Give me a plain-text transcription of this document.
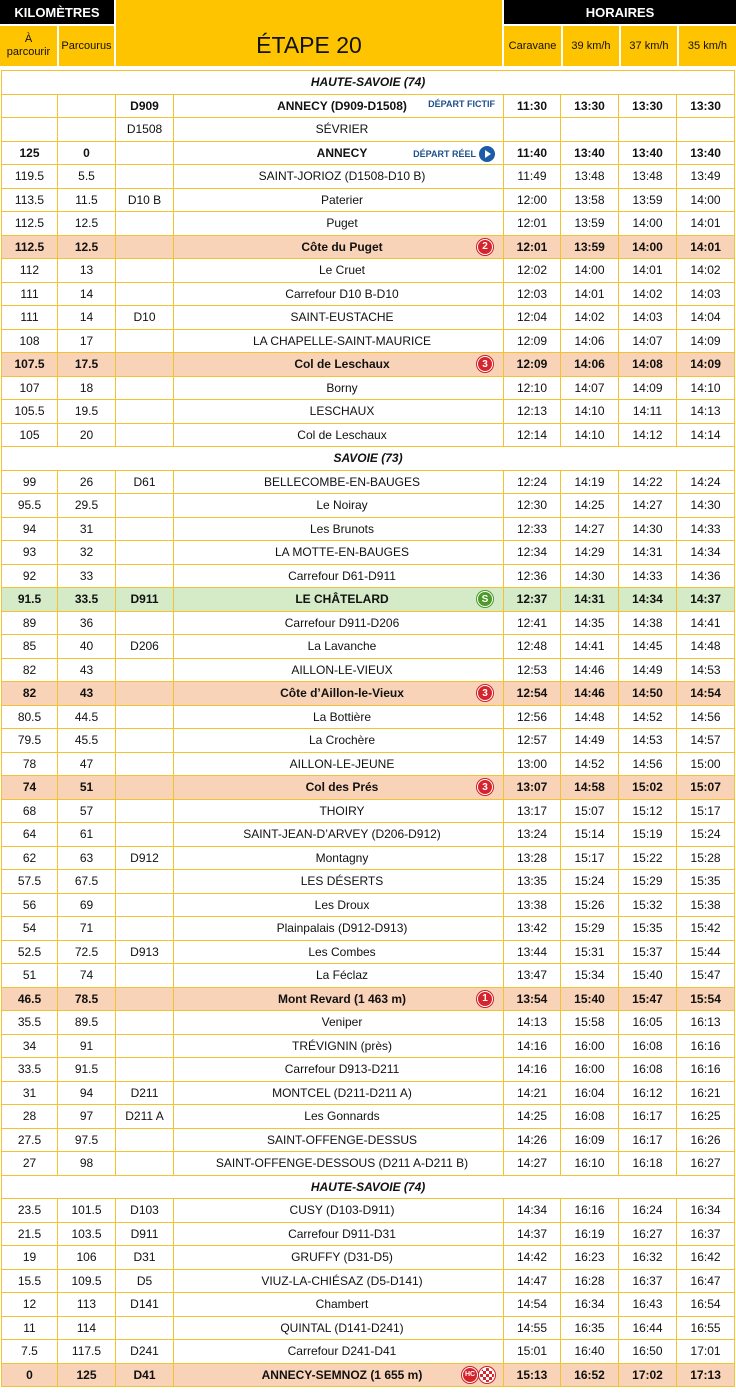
KILOMÈTRES
À parcourir	Parcourus	ÉTAPE 20
HORAIRES
Caravane	39 km/h	37 km/h	35 km/h
HAUTE-SAVOIE (74)							
		D909	ANNECY (D909-D1508) DÉPART FICTIF	11:30	13:30	13:30	13:30
		D1508	SÉVRIER				
125	0		ANNECY DÉPART RÉEL	11:40	13:40	13:40	13:40
119.5	5.5		SAINT-JORIOZ (D1508-D10 B)	11:49	13:48	13:48	13:49
113.5	11.5	D10 B	Paterier	12:00	13:58	13:59	14:00
112.5	12.5		Puget	12:01	13:59	14:00	14:01
112.5	12.5		Côte du Puget 2	12:01	13:59	14:00	14:01
112	13		Le Cruet	12:02	14:00	14:01	14:02
111	14		Carrefour D10 B-D10	12:03	14:01	14:02	14:03
111	14	D10	SAINT-EUSTACHE	12:04	14:02	14:03	14:04
108	17		LA CHAPELLE-SAINT-MAURICE	12:09	14:06	14:07	14:09
107.5	17.5		Col de Leschaux 3	12:09	14:06	14:08	14:09
107	18		Borny	12:10	14:07	14:09	14:10
105.5	19.5		LESCHAUX	12:13	14:10	14:11	14:13
105	20		Col de Leschaux	12:14	14:10	14:12	14:14
SAVOIE (73)							
99	26	D61	BELLECOMBE-EN-BAUGES	12:24	14:19	14:22	14:24
95.5	29.5		Le Noiray	12:30	14:25	14:27	14:30
94	31		Les Brunots	12:33	14:27	14:30	14:33
93	32		LA MOTTE-EN-BAUGES	12:34	14:29	14:31	14:34
92	33		Carrefour D61-D911	12:36	14:30	14:33	14:36
91.5	33.5	D911	LE CHÂTELARD S	12:37	14:31	14:34	14:37
89	36		Carrefour D911-D206	12:41	14:35	14:38	14:41
85	40	D206	La Lavanche	12:48	14:41	14:45	14:48
82	43		AILLON-LE-VIEUX	12:53	14:46	14:49	14:53
82	43		Côte d’Aillon-le-Vieux 3	12:54	14:46	14:50	14:54
80.5	44.5		La Bottière	12:56	14:48	14:52	14:56
79.5	45.5		La Crochère	12:57	14:49	14:53	14:57
78	47		AILLON-LE-JEUNE	13:00	14:52	14:56	15:00
74	51		Col des Prés 3	13:07	14:58	15:02	15:07
68	57		THOIRY	13:17	15:07	15:12	15:17
64	61		SAINT-JEAN-D’ARVEY (D206-D912)	13:24	15:14	15:19	15:24
62	63	D912	Montagny	13:28	15:17	15:22	15:28
57.5	67.5		LES DÉSERTS	13:35	15:24	15:29	15:35
56	69		Les Droux	13:38	15:26	15:32	15:38
54	71		Plainpalais (D912-D913)	13:42	15:29	15:35	15:42
52.5	72.5	D913	Les Combes	13:44	15:31	15:37	15:44
51	74		La Féclaz	13:47	15:34	15:40	15:47
46.5	78.5		Mont Revard (1 463 m) 1	13:54	15:40	15:47	15:54
35.5	89.5		Veniper	14:13	15:58	16:05	16:13
34	91		TRÉVIGNIN (près)	14:16	16:00	16:08	16:16
33.5	91.5		Carrefour D913-D211	14:16	16:00	16:08	16:16
31	94	D211	MONTCEL (D211-D211 A)	14:21	16:04	16:12	16:21
28	97	D211 A	Les Gonnards	14:25	16:08	16:17	16:25
27.5	97.5		SAINT-OFFENGE-DESSUS	14:26	16:09	16:17	16:26
27	98		SAINT-OFFENGE-DESSOUS (D211 A-D211 B)	14:27	16:10	16:18	16:27
HAUTE-SAVOIE (74)							
23.5	101.5	D103	CUSY (D103-D911)	14:34	16:16	16:24	16:34
21.5	103.5	D911	Carrefour D911-D31	14:37	16:19	16:27	16:37
19	106	D31	GRUFFY (D31-D5)	14:42	16:23	16:32	16:42
15.5	109.5	D5	VIUZ-LA-CHIÉSAZ (D5-D141)	14:47	16:28	16:37	16:47
12	113	D141	Chambert	14:54	16:34	16:43	16:54
11	114		QUINTAL (D141-D241)	14:55	16:35	16:44	16:55
7.5	117.5	D241	Carrefour D241-D41	15:01	16:40	16:50	17:01
0	125	D41	ANNECY-SEMNOZ (1 655 m) HC	15:13	16:52	17:02	17:13
